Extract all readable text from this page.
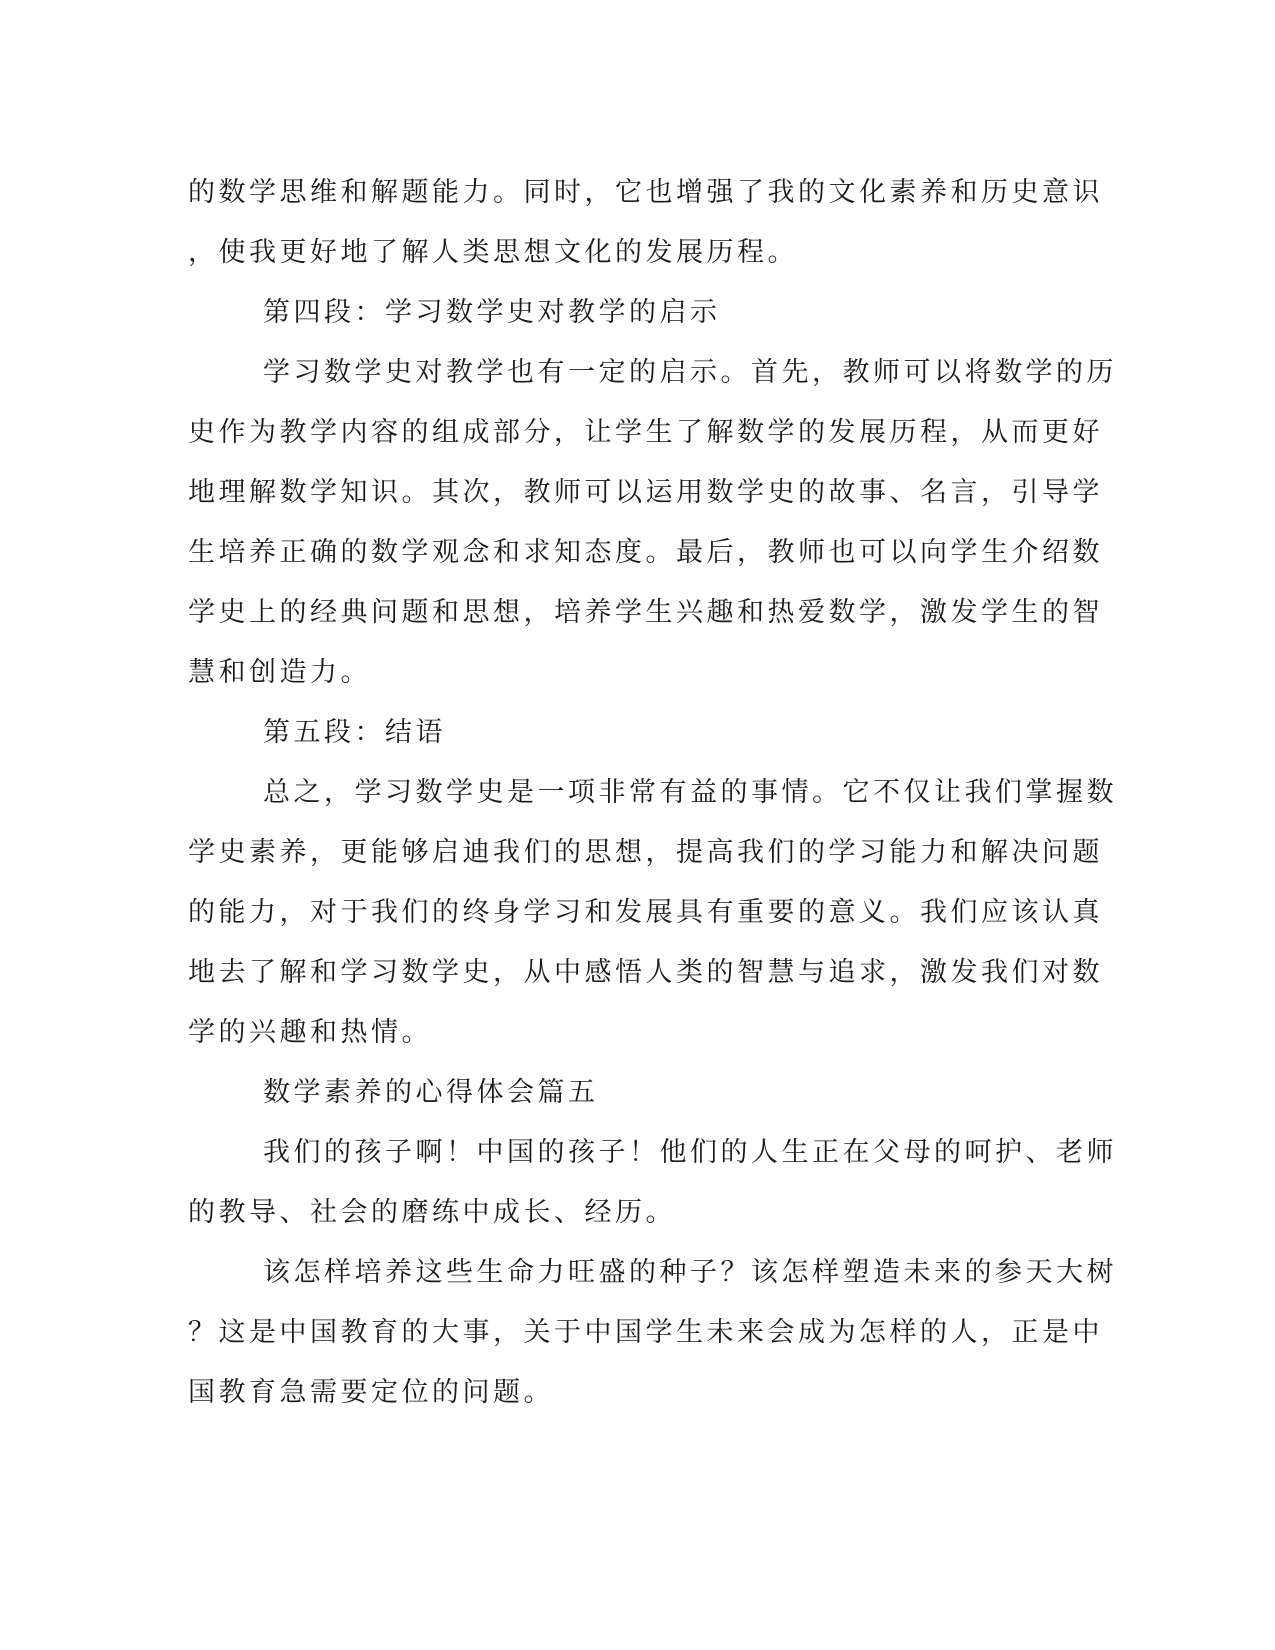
的数学思维和解题能力。同时，它也增强了我的文化素养和历史意识
，使我更好地了解人类思想文化的发展历程。
第四段：学习数学史对教学的启示
学习数学史对教学也有一定的启示。首先，教师可以将数学的历
史作为教学内容的组成部分，让学生了解数学的发展历程，从而更好
地理解数学知识。其次，教师可以运用数学史的故事、名言，引导学
生培养正确的数学观念和求知态度。最后，教师也可以向学生介绍数
学史上的经典问题和思想，培养学生兴趣和热爱数学，激发学生的智
慧和创造力。
第五段：结语
总之，学习数学史是一项非常有益的事情。它不仅让我们掌握数
学史素养，更能够启迪我们的思想，提高我们的学习能力和解决问题
的能力，对于我们的终身学习和发展具有重要的意义。我们应该认真
地去了解和学习数学史，从中感悟人类的智慧与追求，激发我们对数
学的兴趣和热情。
数学素养的心得体会篇五
我们的孩子啊！中国的孩子！他们的人生正在父母的呵护、老师
的教导、社会的磨练中成长、经历。
该怎样培养这些生命力旺盛的种子？该怎样塑造未来的参天大树
？这是中国教育的大事，关于中国学生未来会成为怎样的人，正是中
国教育急需要定位的问题。
